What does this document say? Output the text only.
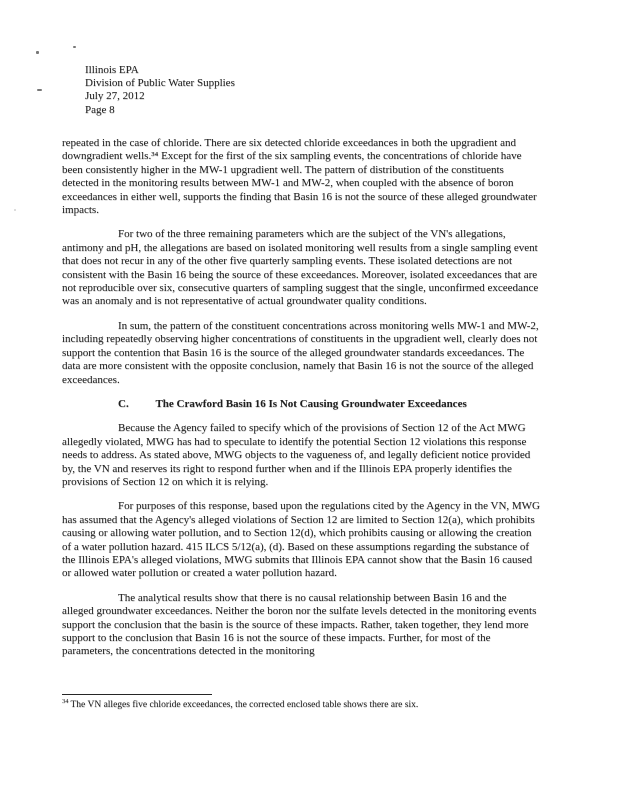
Illinois EPA
Division of Public Water Supplies
July 27, 2012
Page 8

repeated in the case of chloride. There are six detected chloride exceedances in both the upgradient and downgradient wells.³⁴ Except for the first of the six sampling events, the concentrations of chloride have been consistently higher in the MW-1 upgradient well. The pattern of distribution of the constituents detected in the monitoring results between MW-1 and MW-2, when coupled with the absence of boron exceedances in either well, supports the finding that Basin 16 is not the source of these alleged groundwater impacts.

For two of the three remaining parameters which are the subject of the VN's allegations, antimony and pH, the allegations are based on isolated monitoring well results from a single sampling event that does not recur in any of the other five quarterly sampling events. These isolated detections are not consistent with the Basin 16 being the source of these exceedances. Moreover, isolated exceedances that are not reproducible over six, consecutive quarters of sampling suggest that the single, unconfirmed exceedance was an anomaly and is not representative of actual groundwater quality conditions.

In sum, the pattern of the constituent concentrations across monitoring wells MW-1 and MW-2, including repeatedly observing higher concentrations of constituents in the upgradient well, clearly does not support the contention that Basin 16 is the source of the alleged groundwater standards exceedances. The data are more consistent with the opposite conclusion, namely that Basin 16 is not the source of the alleged exceedances.

C. The Crawford Basin 16 Is Not Causing Groundwater Exceedances

Because the Agency failed to specify which of the provisions of Section 12 of the Act MWG allegedly violated, MWG has had to speculate to identify the potential Section 12 violations this response needs to address. As stated above, MWG objects to the vagueness of, and legally deficient notice provided by, the VN and reserves its right to respond further when and if the Illinois EPA properly identifies the provisions of Section 12 on which it is relying.

For purposes of this response, based upon the regulations cited by the Agency in the VN, MWG has assumed that the Agency's alleged violations of Section 12 are limited to Section 12(a), which prohibits causing or allowing water pollution, and to Section 12(d), which prohibits causing or allowing the creation of a water pollution hazard. 415 ILCS 5/12(a), (d). Based on these assumptions regarding the substance of the Illinois EPA's alleged violations, MWG submits that Illinois EPA cannot show that the Basin 16 caused or allowed water pollution or created a water pollution hazard.

The analytical results show that there is no causal relationship between Basin 16 and the alleged groundwater exceedances. Neither the boron nor the sulfate levels detected in the monitoring events support the conclusion that the basin is the source of these impacts. Rather, taken together, they lend more support to the conclusion that Basin 16 is not the source of these impacts. Further, for most of the parameters, the concentrations detected in the monitoring

$^{34}$ The VN alleges five chloride exceedances, the corrected enclosed table shows there are six.
